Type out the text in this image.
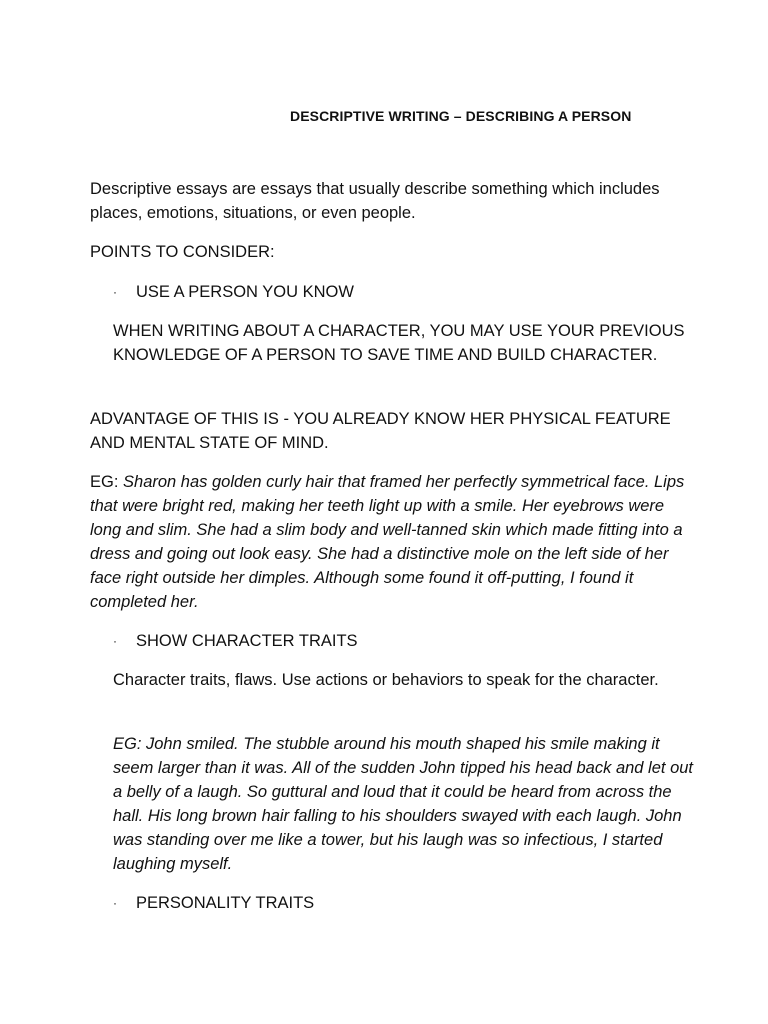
DESCRIPTIVE WRITING – DESCRIBING A PERSON

Descriptive essays are essays that usually describe something which includes places, emotions, situations, or even people.

POINTS TO CONSIDER:

· USE A PERSON YOU KNOW

WHEN WRITING ABOUT A CHARACTER, YOU MAY USE YOUR PREVIOUS KNOWLEDGE OF A PERSON TO SAVE TIME AND BUILD CHARACTER.

ADVANTAGE OF THIS IS - YOU ALREADY KNOW HER PHYSICAL FEATURE AND MENTAL STATE OF MIND.

EG: Sharon has golden curly hair that framed her perfectly symmetrical face. Lips that were bright red, making her teeth light up with a smile. Her eyebrows were long and slim. She had a slim body and well-tanned skin which made fitting into a dress and going out look easy. She had a distinctive mole on the left side of her face right outside her dimples. Although some found it off-putting, I found it completed her.

· SHOW CHARACTER TRAITS

Character traits, flaws. Use actions or behaviors to speak for the character.

EG: John smiled. The stubble around his mouth shaped his smile making it seem larger than it was. All of the sudden John tipped his head back and let out a belly of a laugh. So guttural and loud that it could be heard from across the hall. His long brown hair falling to his shoulders swayed with each laugh. John was standing over me like a tower, but his laugh was so infectious, I started laughing myself.

· PERSONALITY TRAITS
